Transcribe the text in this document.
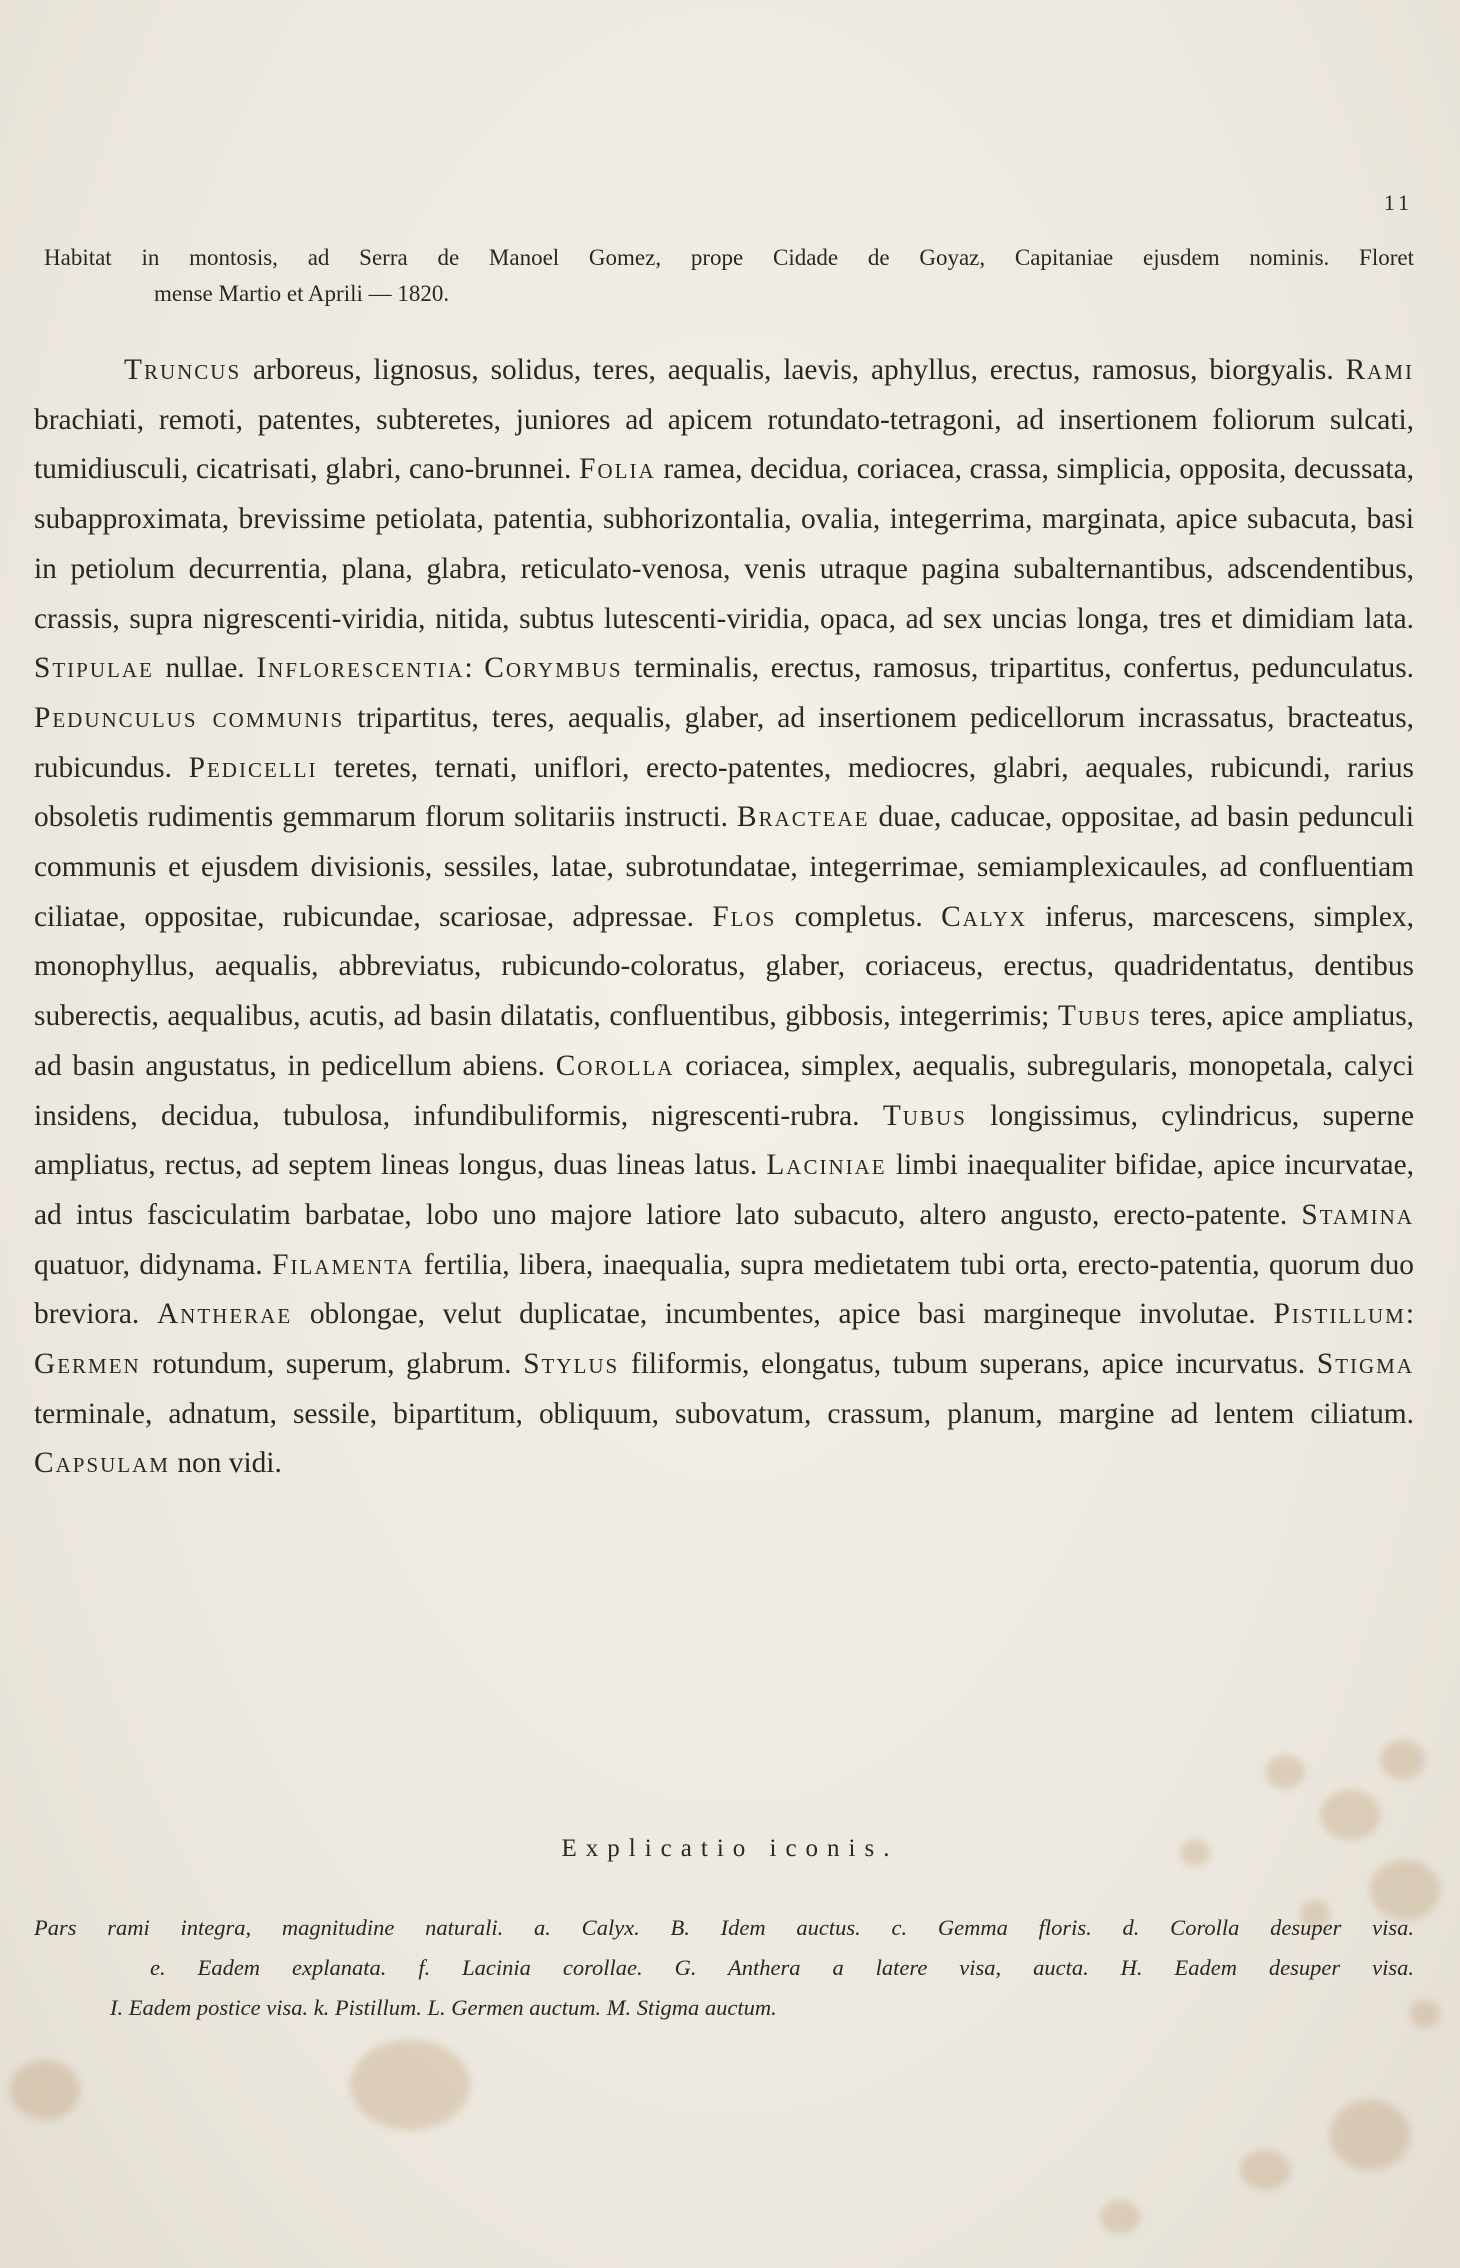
11
Habitat in montosis, ad Serra de Manoel Gomez, prope Cidade de Goyaz, Capitaniae ejusdem nominis. Floret
mense Martio et Aprili — 1820.

Truncus arboreus, lignosus, solidus, teres, aequalis, laevis, aphyllus, erectus, ramosus, biorgyalis. Rami brachiati, remoti, patentes, subteretes, juniores ad apicem rotundato-tetragoni, ad insertionem foliorum sulcati, tumidiusculi, cicatrisati, glabri, cano-brunnei. Folia ramea, decidua, coriacea, crassa, simplicia, opposita, decussata, subapproximata, brevissime petiolata, patentia, subhorizontalia, ovalia, integerrima, marginata, apice subacuta, basi in petiolum decurrentia, plana, glabra, reticulato-venosa, venis utraque pagina subalternantibus, adscendentibus, crassis, supra nigrescenti-viridia, nitida, subtus lutescenti-viridia, opaca, ad sex uncias longa, tres et dimidiam lata. Stipulae nullae. Inflorescentia: Corymbus terminalis, erectus, ramosus, tripartitus, confertus, pedunculatus. Pedunculus communis tripartitus, teres, aequalis, glaber, ad insertionem pedicellorum incrassatus, bracteatus, rubicundus. Pedicelli teretes, ternati, uniflori, erecto-patentes, mediocres, glabri, aequales, rubicundi, rarius obsoletis rudimentis gemmarum florum solitariis instructi. Bracteae duae, caducae, oppositae, ad basin pedunculi communis et ejusdem divisionis, sessiles, latae, subrotundatae, integerrimae, semiamplexicaules, ad confluentiam ciliatae, oppositae, rubicundae, scariosae, adpressae. Flos completus. Calyx inferus, marcescens, simplex, monophyllus, aequalis, abbreviatus, rubicundo-coloratus, glaber, coriaceus, erectus, quadridentatus, dentibus suberectis, aequalibus, acutis, ad basin dilatatis, confluentibus, gibbosis, integerrimis; Tubus teres, apice ampliatus, ad basin angustatus, in pedicellum abiens. Corolla coriacea, simplex, aequalis, subregularis, monopetala, calyci insidens, decidua, tubulosa, infundibuliformis, nigrescenti-rubra. Tubus longissimus, cylindricus, superne ampliatus, rectus, ad septem lineas longus, duas lineas latus. Laciniae limbi inaequaliter bifidae, apice incurvatae, ad intus fasciculatim barbatae, lobo uno majore latiore lato subacuto, altero angusto, erecto-patente. Stamina quatuor, didynama. Filamenta fertilia, libera, inaequalia, supra medietatem tubi orta, erecto-patentia, quorum duo breviora. Antherae oblongae, velut duplicatae, incumbentes, apice basi margineque involutae. Pistillum: Germen rotundum, superum, glabrum. Stylus filiformis, elongatus, tubum superans, apice incurvatus. Stigma terminale, adnatum, sessile, bipartitum, obliquum, subovatum, crassum, planum, margine ad lentem ciliatum. Capsulam non vidi.

Explicatio iconis.
Pars rami integra, magnitudine naturali. a. Calyx. B. Idem auctus. c. Gemma floris. d. Corolla desuper visa.
e. Eadem explanata. f. Lacinia corollae. G. Anthera a latere visa, aucta. H. Eadem desuper visa.
I. Eadem postice visa. k. Pistillum. L. Germen auctum. M. Stigma auctum.
